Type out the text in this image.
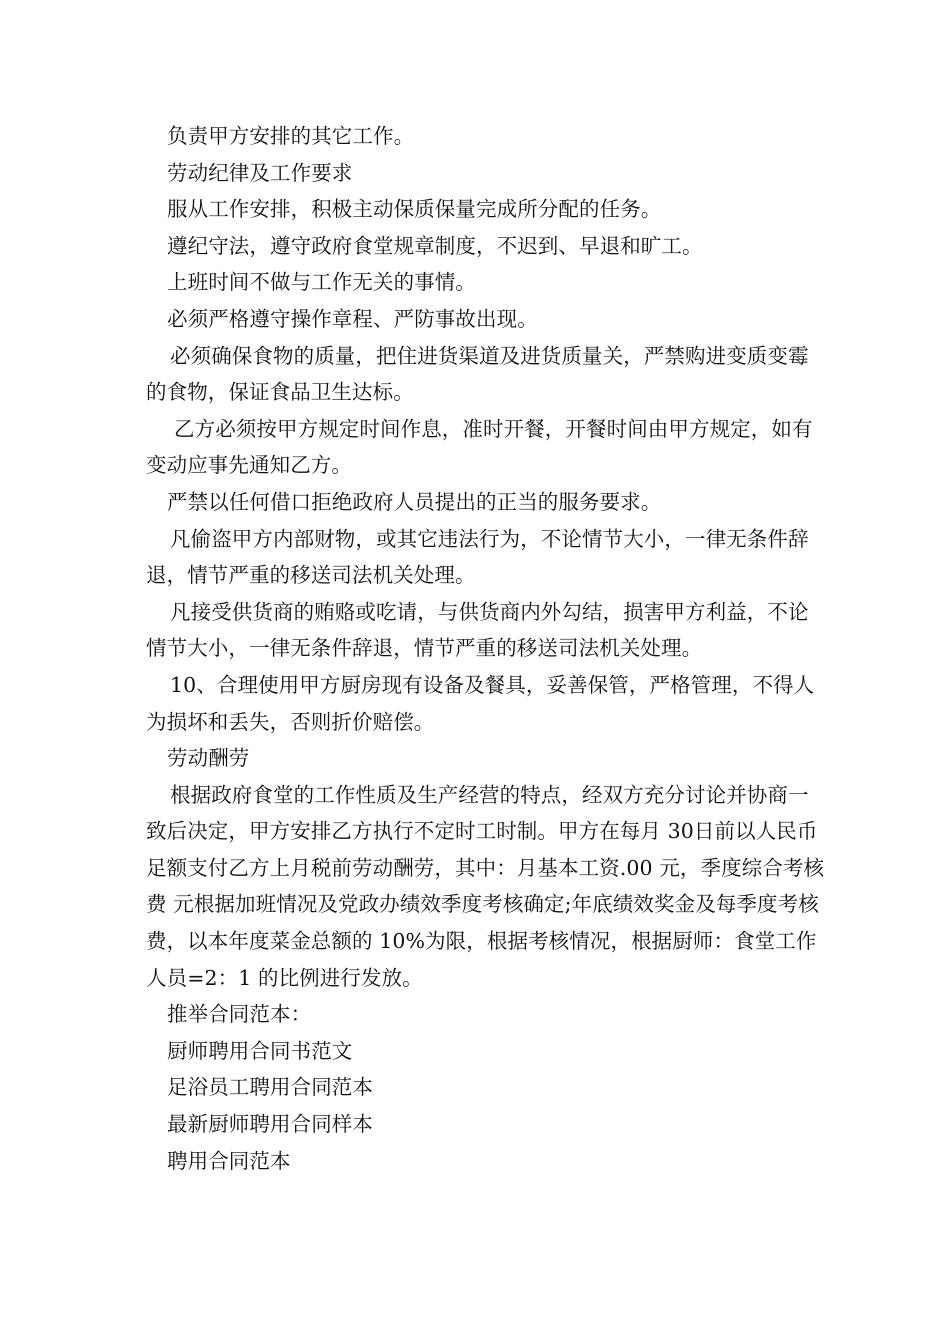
负责甲方安排的其它工作。

劳动纪律及工作要求

服从工作安排，积极主动保质保量完成所分配的任务。

遵纪守法，遵守政府食堂规章制度，不迟到、早退和旷工。

上班时间不做与工作无关的事情。

必须严格遵守操作章程、严防事故出现。

必须确保食物的质量，把住进货渠道及进货质量关，严禁购进变质变霉的食物，保证食品卫生达标。

乙方必须按甲方规定时间作息，准时开餐，开餐时间由甲方规定，如有变动应事先通知乙方。

严禁以任何借口拒绝政府人员提出的正当的服务要求。

凡偷盗甲方内部财物，或其它违法行为，不论情节大小，一律无条件辞退，情节严重的移送司法机关处理。

凡接受供货商的贿赂或吃请，与供货商内外勾结，损害甲方利益，不论情节大小，一律无条件辞退，情节严重的移送司法机关处理。

10、合理使用甲方厨房现有设备及餐具，妥善保管，严格管理，不得人为损坏和丢失，否则折价赔偿。

劳动酬劳

根据政府食堂的工作性质及生产经营的特点，经双方充分讨论并协商一致后决定，甲方安排乙方执行不定时工时制。甲方在每月 30日前以人民币足额支付乙方上月税前劳动酬劳，其中：月基本工资.00 元，季度综合考核费 元根据加班情况及党政办绩效季度考核确定;年底绩效奖金及每季度考核费，以本年度菜金总额的 10%为限，根据考核情况，根据厨师：食堂工作人员=2：1 的比例进行发放。

推举合同范本：

厨师聘用合同书范文

足浴员工聘用合同范本

最新厨师聘用合同样本

聘用合同范本
